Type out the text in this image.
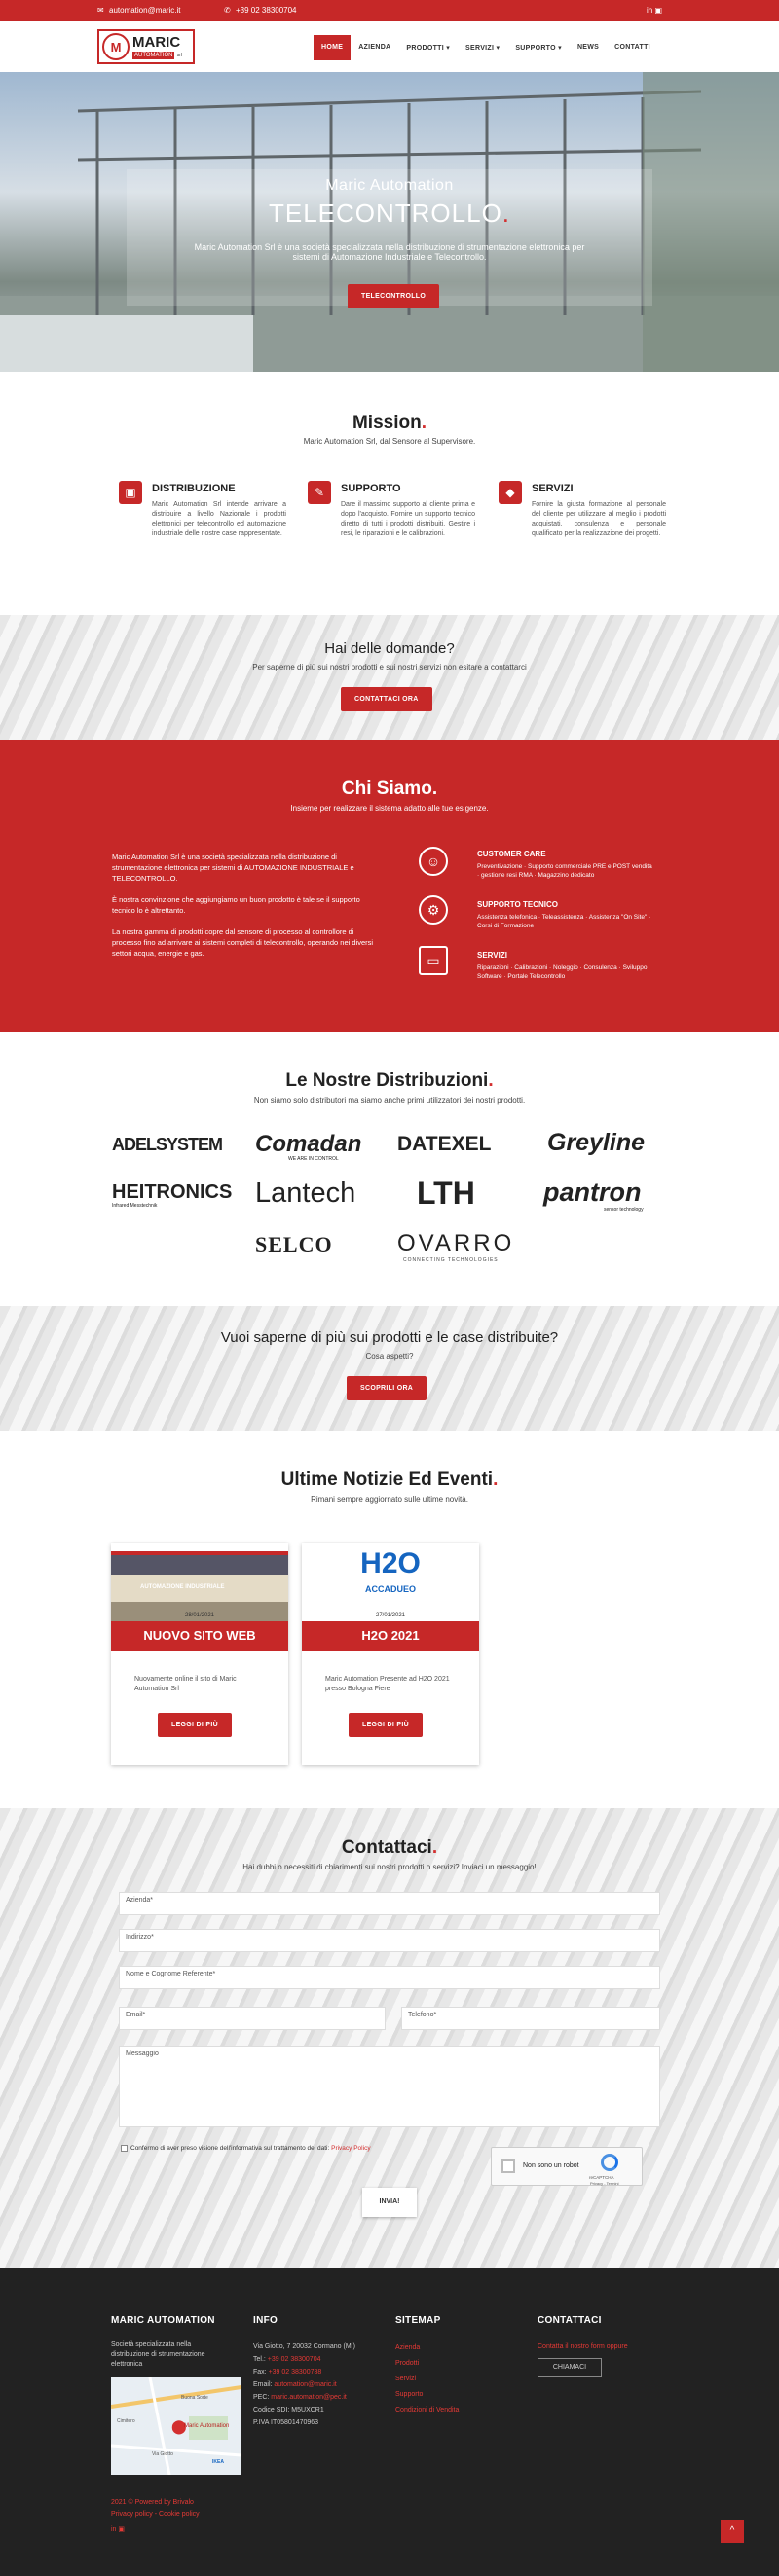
✉ automation@maric.it	✆ +39 02 38300704	in ▣
M MARIC
AUTOMATION srl
HOME	AZIENDA	PRODOTTI ▾	SERVIZI ▾	SUPPORTO ▾	NEWS	CONTATTI
Maric Automation
TELECONTROLLO.
Maric Automation Srl è una società specializzata nella distribuzione di strumentazione elettronica per sistemi di Automazione Industriale e Telecontrollo.
TELECONTROLLO
Mission.
Maric Automation Srl, dal Sensore al Supervisore.
▣	DISTRIBUZIONE
Maric Automation Srl intende arrivare a distribuire a livello Nazionale i prodotti elettronici per telecontrollo ed automazione industriale delle nostre case rappresentate.
✎	SUPPORTO
Dare il massimo supporto al cliente prima e dopo l'acquisto. Fornire un supporto tecnico diretto di tutti i prodotti distribuiti. Gestire i resi, le riparazioni e le calibrazioni.
◆	SERVIZI
Fornire la giusta formazione al personale del cliente per utilizzare al meglio i prodotti acquistati, consulenza e personale qualificato per la realizzazione dei progetti.
Hai delle domande?
Per saperne di più sui nostri prodotti e sui nostri servizi non esitare a contattarci
CONTATTACI ORA
Chi Siamo.
Insieme per realizzare il sistema adatto alle tue esigenze.

Maric Automation Srl è una società specializzata nella distribuzione di strumentazione elettronica per sistemi di AUTOMAZIONE INDUSTRIALE e TELECONTROLLO.

È nostra convinzione che aggiungiamo un buon prodotto è tale se il supporto tecnico lo è altrettanto.

La nostra gamma di prodotti copre dal sensore di processo al controllore di processo fino ad arrivare ai sistemi completi di telecontrollo, operando nei diversi settori acqua, energie e gas.

☺	CUSTOMER CARE
Preventivazione · Supporto commerciale PRE e POST vendita · gestione resi RMA · Magazzino dedicato
⚙	SUPPORTO TECNICO
Assistenza telefonica · Teleassistenza · Assistenza "On Site" · Corsi di Formazione
▭	SERVIZI
Riparazioni · Calibrazioni · Noleggio · Consulenza · Sviluppo Software · Portale Telecontrollo
Le Nostre Distribuzioni.
Non siamo solo distributori ma siamo anche primi utilizzatori dei nostri prodotti.
ADELSYSTEM Comadan
WE ARE IN CONTROL
DATEXEL Greyline
HEITRONICS
Infrared Messtechnik	Lantech LTH	pantron
sensor technology
SELCO	OVARRO
CONNECTING TECHNOLOGIES
Vuoi saperne di più sui prodotti e le case distribuite?
Cosa aspetti?
SCOPRILI ORA
Ultime Notizie Ed Eventi.
Rimani sempre aggiornato sulle ultime novità.
AUTOMAZIONE INDUSTRIALE
28/01/2021
NUOVO SITO WEB
Nuovamente online il sito di Maric Automation Srl
LEGGI DI PIÙ
H2O
ACCADUEO
27/01/2021
H2O 2021
Maric Automation Presente ad H2O 2021 presso Bologna Fiere
LEGGI DI PIÙ
Contattaci.
Hai dubbi o necessiti di chiarimenti sui nostri prodotti o servizi? Inviaci un messaggio!
Azienda*
Indirizzo*
Nome e Cognome Referente*
Email*	Telefono*
Messaggio
Confermo di aver preso visione dell'informativa sul trattamento dei dati: Privacy Policy
Non sono un robot
reCAPTCHA
Privacy - Termini
INVIA!
MARIC AUTOMATION
Società specializzata nella distribuzione di strumentazione elettronica
⬤
Maric Automation
Buona Sorte
Cimitero
Via Giotto
IKEA
INFO
Via Giotto, 7 20032 Cormano (MI)
Tel.: +39 02 38300704
Fax: +39 02 38300788
Email: automation@maric.it
PEC: maric.automation@pec.it
Codice SDI: M5UXCR1
P.IVA IT05801470963
SITEMAP
Azienda
Prodotti
Servizi
Supporto
Condizioni di Vendita
CONTATTACI
Contatta il nostro form oppure
CHIAMACI
2021 © Powered by Brivalo
Privacy policy - Cookie policy
in ▣	^
